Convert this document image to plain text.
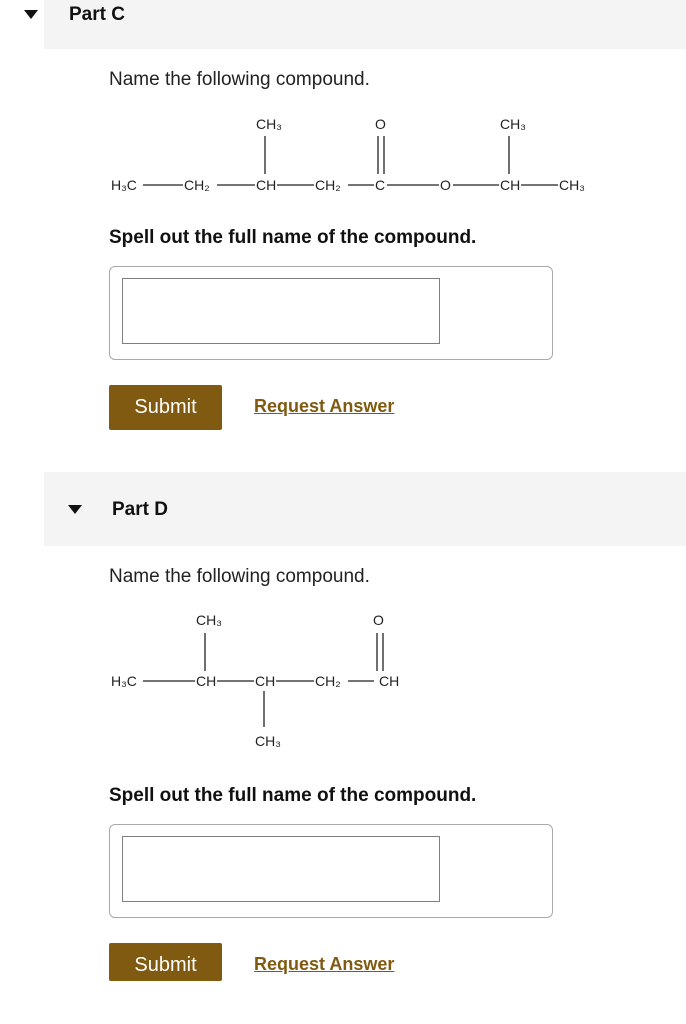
Part C
Name the following compound.
CH₃	O	CH₃
H₃C	CH₂	CH	CH₂ C	O	CH	CH₃
Spell out the full name of the compound.
Submit	Request Answer
Part D
Name the following compound.
CH₃	O
H₃C	CH	CH	CH₂	CH
CH₃
Spell out the full name of the compound.
Submit	Request Answer
